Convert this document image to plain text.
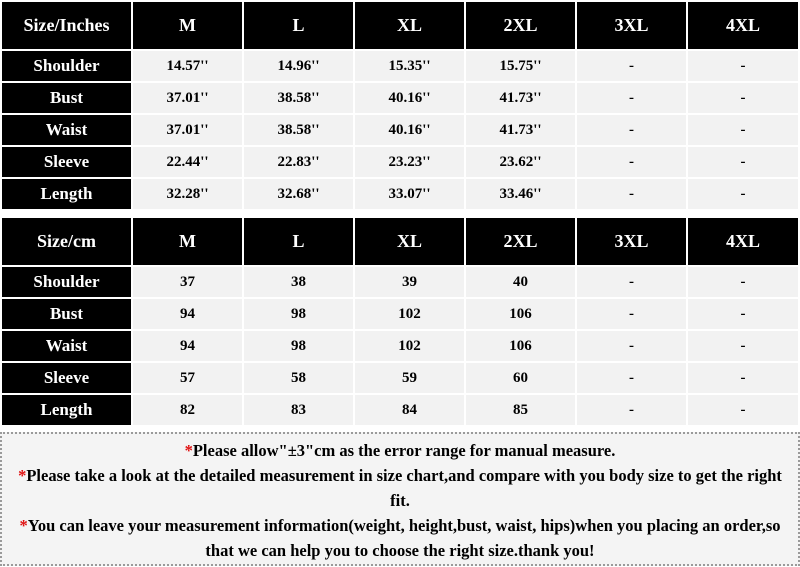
Size/Inches	M	L	XL	2XL	3XL	4XL
Shoulder	14.57''	14.96''	15.35''	15.75''	-	-
Bust	37.01''	38.58''	40.16''	41.73''	-	-
Waist	37.01''	38.58''	40.16''	41.73''	-	-
Sleeve	22.44''	22.83''	23.23''	23.62''	-	-
Length	32.28''	32.68''	33.07''	33.46''	-	-
Size/cm	M	L	XL	2XL	3XL	4XL
Shoulder	37	38	39	40	-	-
Bust	94	98	102	106	-	-
Waist	94	98	102	106	-	-
Sleeve	57	58	59	60	-	-
Length	82	83	84	85	-	-

*Please allow"±3"cm as the error range for manual measure.

*Please take a look at the detailed measurement in size chart,and compare with you body size to get the right fit.

*You can leave your measurement information(weight, height,bust, waist, hips)when you placing an order,so that we can help you to choose the right size.thank you!
